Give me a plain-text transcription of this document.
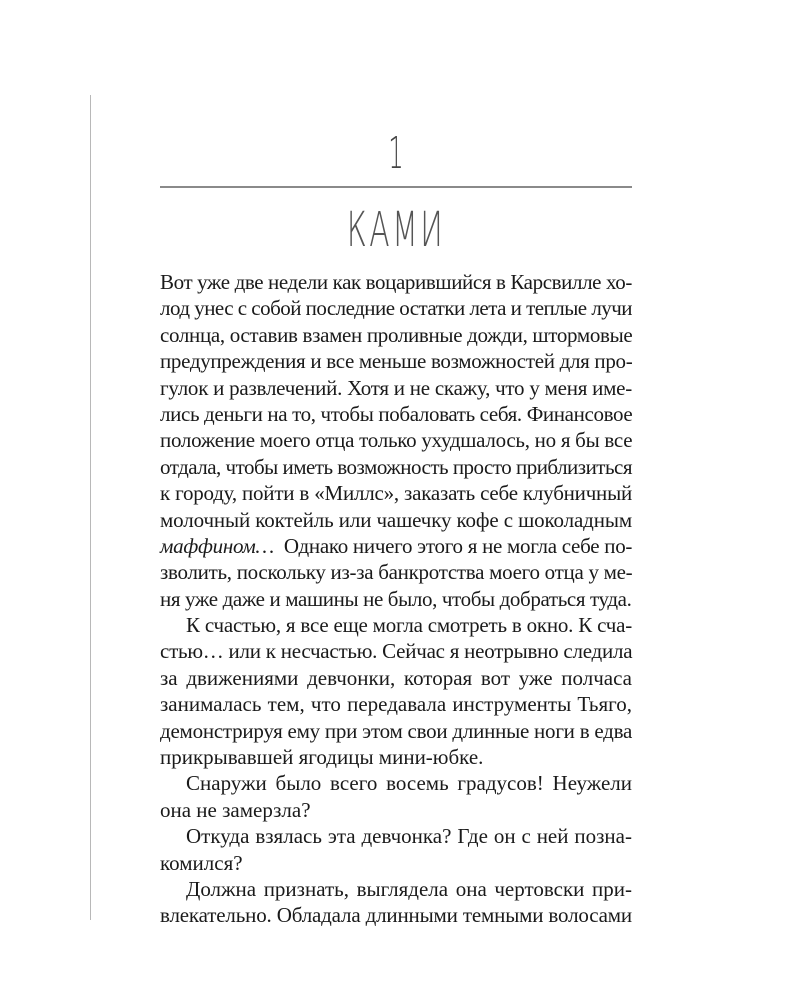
1
КАМИ
Вот уже две недели как воцарившийся в Карсвилле хо-
лод унес с собой последние остатки лета и теплые лучи
солнца, оставив взамен проливные дожди, штормовые
предупреждения и все меньше возможностей для про-
гулок и развлечений. Хотя и не скажу, что у меня име-
лись деньги на то, чтобы побаловать себя. Финансовое
положение моего отца только ухудшалось, но я бы все
отдала, чтобы иметь возможность просто приблизиться
к городу, пойти в «Миллс», заказать себе клубничный
молочный коктейль или чашечку кофе с шоколадным
маффином… Однако ничего этого я не могла себе по-
зволить, поскольку из-за банкротства моего отца у ме-
ня уже даже и машины не было, чтобы добраться туда.
К счастью, я все еще могла смотреть в окно. К сча-
стью… или к несчастью. Сейчас я неотрывно следила
за движениями девчонки, которая вот уже полчаса
занималась тем, что передавала инструменты Тьяго,
демонстрируя ему при этом свои длинные ноги в едва
прикрывавшей ягодицы мини-юбке.
Снаружи было всего восемь градусов! Неужели
она не замерзла?
Откуда взялась эта девчонка? Где он с ней позна-
комился?
Должна признать, выглядела она чертовски при-
влекательно. Обладала длинными темными волосами
